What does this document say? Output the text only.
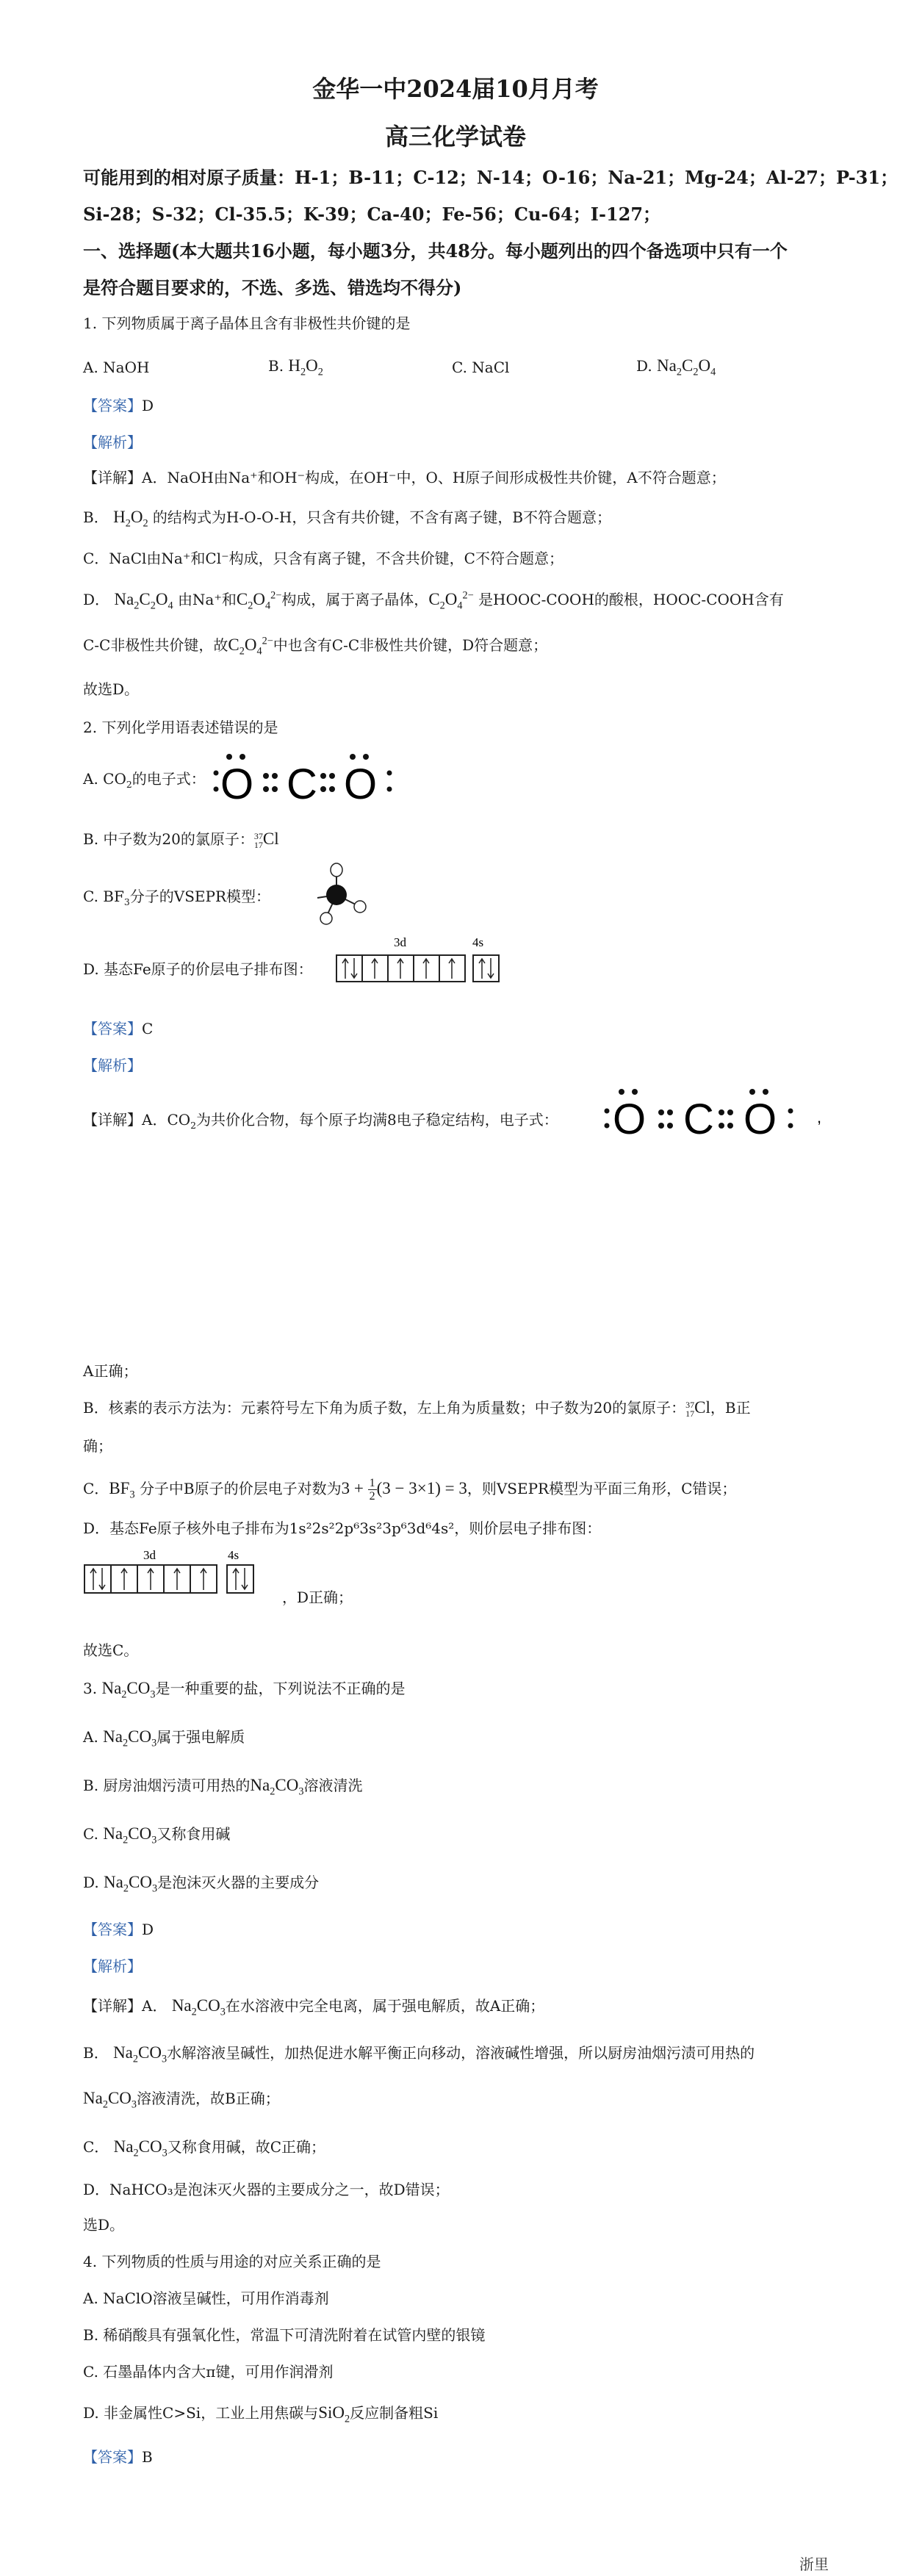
金华一中2024届10月月考
高三化学试卷
可能用到的相对原子质量：H-1；B-11；C-12；N-14；O-16；Na-21；Mg-24；Al-27；P-31；
Si-28；S-32；Cl-35.5；K-39；Ca-40；Fe-56；Cu-64；I-127；
一、选择题(本大题共16小题，每小题3分，共48分。每小题列出的四个备选项中只有一个
是符合题目要求的，不选、多选、错选均不得分)
1. 下列物质属于离子晶体且含有非极性共价键的是
A. NaOH	B. $H_2O_2$	C. NaCl	D. $Na_2C_2O_4$
【答案】D
【解析】
【详解】A．NaOH由Na⁺和OH⁻构成，在OH⁻中，O、H原子间形成极性共价键，A不符合题意；
B． $H_2O_2$ 的结构式为H-O-O-H，只含有共价键，不含有离子键，B不符合题意；
C．NaCl由Na⁺和Cl⁻构成，只含有离子键，不含共价键，C不符合题意；
D． $Na_2C_2O_4$ 由Na⁺和$C_2O_4^{2-}$构成，属于离子晶体，$C_2O_4^{2-}$ 是HOOC-COOH的酸根，HOOC-COOH含有
C-C非极性共价键，故$C_2O_4^{2-}$中也含有C-C非极性共价键，D符合题意；
故选D。
2. 下列化学用语表述错误的是
A. $CO_2$的电子式： O C O
B. 中子数为20的氯原子：37
17Cl
C. $BF_3$分子的VSEPR模型：
D. 基态Fe原子的价层电子排布图：
3d	4s
【答案】C
【解析】
【详解】A．$CO_2$为共价化合物，每个原子均满8电子稳定结构，电子式： O C O ,
A正确；
B．核素的表示方法为：元素符号左下角为质子数，左上角为质量数；中子数为20的氯原子：37
17Cl，B正
确；
C．$BF_3$ 分子中B原子的价层电子对数为$3 + \frac{1}{2} (3 - 3\times 1) = 3$，则VSEPR模型为平面三角形，C错误；
D．基态Fe原子核外电子排布为1s²2s²2p⁶3s²3p⁶3d⁶4s²，则价层电子排布图：
3d	4s
，D正确；
故选C。
3. $Na_2CO_3$是一种重要的盐，下列说法不正确的是
A. $Na_2CO_3$属于强电解质
B. 厨房油烟污渍可用热的$Na_2CO_3$溶液清洗
C. $Na_2CO_3$又称食用碱
D. $Na_2CO_3$是泡沫灭火器的主要成分
【答案】D
【解析】
【详解】A． $Na_2CO_3$在水溶液中完全电离，属于强电解质，故A正确；
B． $Na_2CO_3$水解溶液呈碱性，加热促进水解平衡正向移动，溶液碱性增强，所以厨房油烟污渍可用热的
$Na_2CO_3$溶液清洗，故B正确；
C． $Na_2CO_3$又称食用碱，故C正确；
D．NaHCO₃是泡沫灭火器的主要成分之一，故D错误；
选D。
4. 下列物质的性质与用途的对应关系正确的是
A. NaClO溶液呈碱性，可用作消毒剂
B. 稀硝酸具有强氧化性，常温下可清洗附着在试管内壁的银镜
C. 石墨晶体内含大π键，可用作润滑剂
D. 非金属性C>Si，工业上用焦碳与SiO$_2$反应制备粗Si
【答案】B
浙里
